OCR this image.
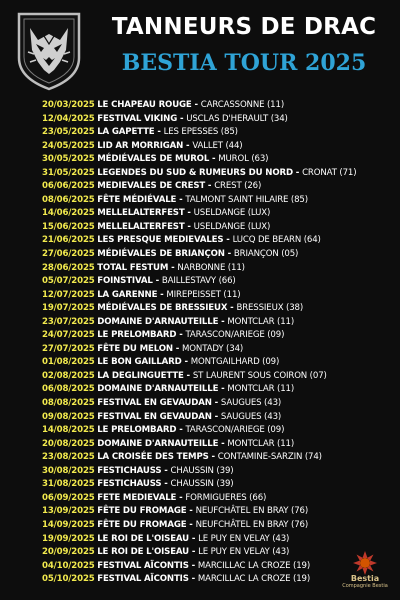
TANNEURS DE DRAC
BESTIA TOUR 2025
20/03/2025 LE CHAPEAU ROUGE - CARCASSONNE (11)
12/04/2025 FESTIVAL VIKING - USCLAS D'HERAULT (34)
23/05/2025 LA GAPETTE - LES EPESSES (85)
24/05/2025 LID AR MORRIGAN - VALLET (44)
30/05/2025 MÉDIÉVALES DE MUROL - MUROL (63)
31/05/2025 LEGENDES DU SUD & RUMEURS DU NORD - CRONAT (71)
06/06/2025 MEDIEVALES DE CREST - CREST (26)
08/06/2025 FÊTE MÉDIÉVALE - TALMONT SAINT HILAIRE (85)
14/06/2025 MELLELALTERFEST - USELDANGE (LUX)
15/06/2025 MELLELALTERFEST - USELDANGE (LUX)
21/06/2025 LES PRESQUE MEDIEVALES - LUCQ DE BEARN (64)
27/06/2025 MÉDIÉVALES DE BRIANÇON - BRIANÇON (05)
28/06/2025 TOTAL FESTUM - NARBONNE (11)
05/07/2025 FOINSTIVAL - BAILLESTAVY (66)
12/07/2025 LA GARENNE - MIREPEISSET (11)
19/07/2025 MÉDIÉVALES DE BRESSIEUX - BRESSIEUX (38)
23/07/2025 DOMAINE D'ARNAUTEILLE - MONTCLAR (11)
24/07/2025 LE PRELOMBARD - TARASCON/ARIEGE (09)
27/07/2025 FÊTE DU MELON - MONTADY (34)
01/08/2025 LE BON GAILLARD - MONTGAILHARD (09)
02/08/2025 LA DEGLINGUETTE - ST LAURENT SOUS COIRON (07)
06/08/2025 DOMAINE D'ARNAUTEILLE - MONTCLAR (11)
08/08/2025 FESTIVAL EN GEVAUDAN - SAUGUES (43)
09/08/2025 FESTIVAL EN GEVAUDAN - SAUGUES (43)
14/08/2025 LE PRELOMBARD - TARASCON/ARIEGE (09)
20/08/2025 DOMAINE D'ARNAUTEILLE - MONTCLAR (11)
23/08/2025 LA CROISÉE DES TEMPS - CONTAMINE-SARZIN (74)
30/08/2025 FESTICHAUSS - CHAUSSIN (39)
31/08/2025 FESTICHAUSS - CHAUSSIN (39)
06/09/2025 FETE MEDIEVALE - FORMIGUERES (66)
13/09/2025 FÊTE DU FROMAGE - NEUFCHÂTEL EN BRAY (76)
14/09/2025 FÊTE DU FROMAGE - NEUFCHÂTEL EN BRAY (76)
19/09/2025 LE ROI DE L'OISEAU - LE PUY EN VELAY (43)
20/09/2025 LE ROI DE L'OISEAU - LE PUY EN VELAY (43)
04/10/2025 FESTIVAL AÏCONTIS - MARCILLAC LA CROZE (19)
05/10/2025 FESTIVAL AÏCONTIS - MARCILLAC LA CROZE (19)	Bestia
Compagnie Bestia
